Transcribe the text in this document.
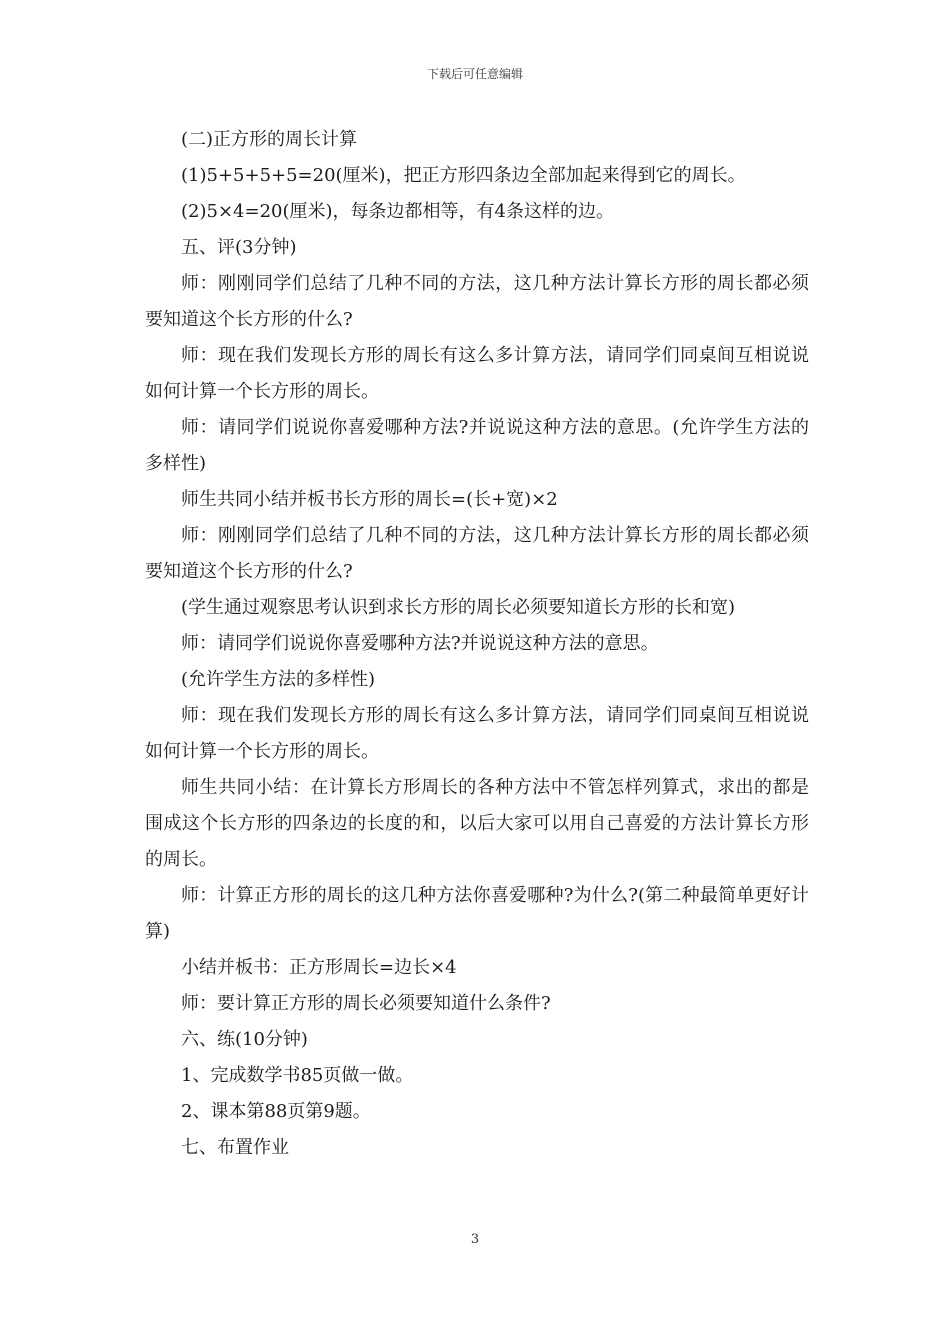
下载后可任意编辑

(二)正方形的周长计算

(1)5+5+5+5=20(厘米)，把正方形四条边全部加起来得到它的周长。

(2)5×4=20(厘米)，每条边都相等，有4条这样的边。

五、评(3分钟)

师：刚刚同学们总结了几种不同的方法，这几种方法计算长方形的周长都必须要知道这个长方形的什么?

师：现在我们发现长方形的周长有这么多计算方法，请同学们同桌间互相说说如何计算一个长方形的周长。

师：请同学们说说你喜爱哪种方法?并说说这种方法的意思。(允许学生方法的多样性)

师生共同小结并板书长方形的周长=(长+宽)×2

师：刚刚同学们总结了几种不同的方法，这几种方法计算长方形的周长都必须要知道这个长方形的什么?

(学生通过观察思考认识到求长方形的周长必须要知道长方形的长和宽)

师：请同学们说说你喜爱哪种方法?并说说这种方法的意思。

(允许学生方法的多样性)

师：现在我们发现长方形的周长有这么多计算方法，请同学们同桌间互相说说如何计算一个长方形的周长。

师生共同小结：在计算长方形周长的各种方法中不管怎样列算式，求出的都是围成这个长方形的四条边的长度的和，以后大家可以用自己喜爱的方法计算长方形的周长。

师：计算正方形的周长的这几种方法你喜爱哪种?为什么?(第二种最简单更好计算)

小结并板书：正方形周长=边长×4

师：要计算正方形的周长必须要知道什么条件?

六、练(10分钟)

1、完成数学书85页做一做。

2、课本第88页第9题。

七、布置作业

3
